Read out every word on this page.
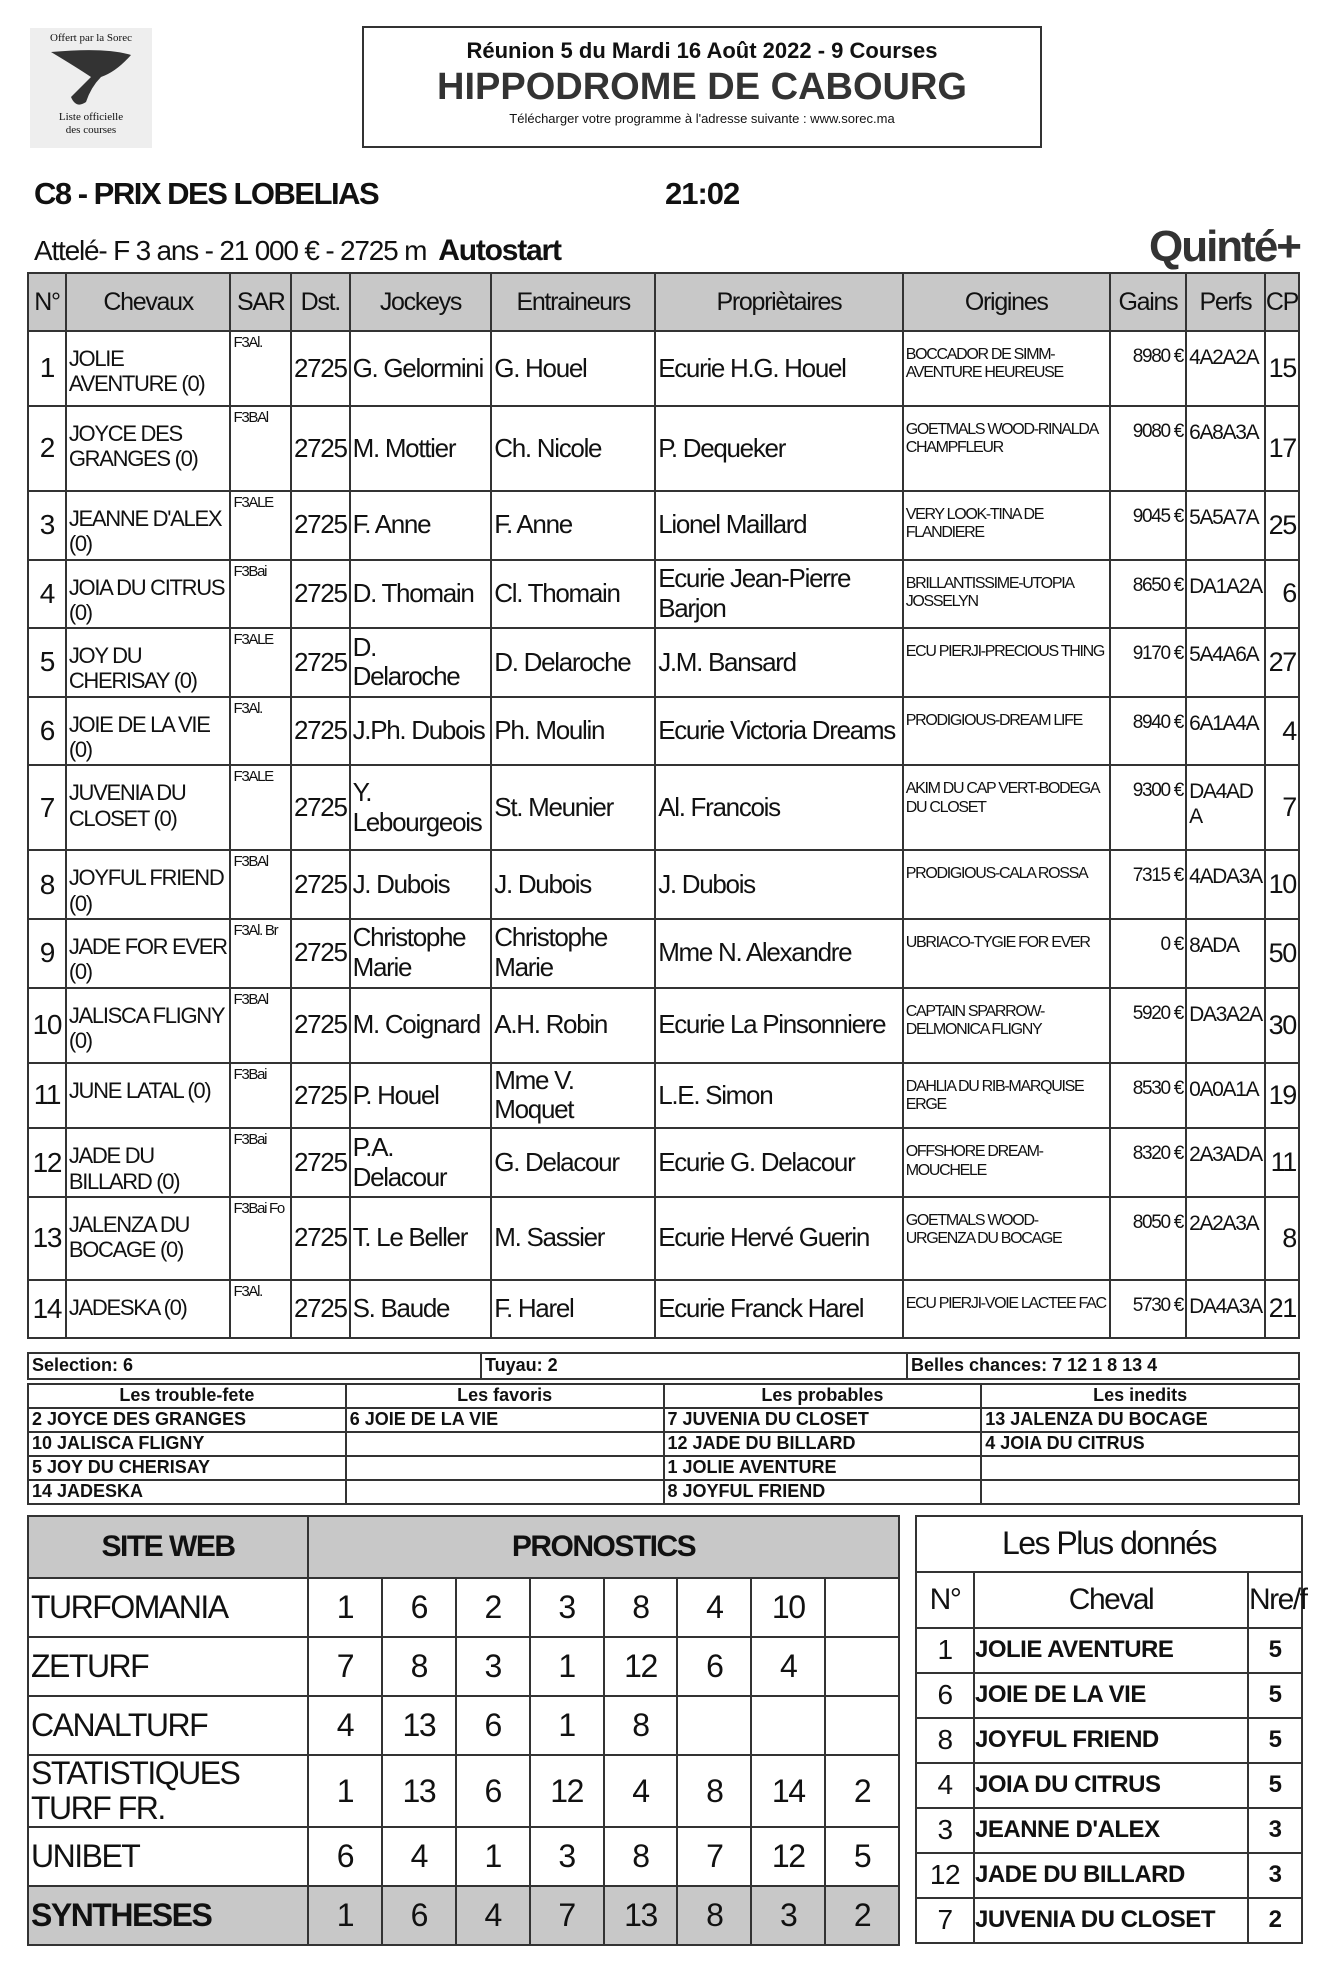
Offert par la Sorec
Liste officielle
des courses
Réunion 5 du Mardi 16 Août 2022 - 9 Courses
HIPPODROME DE CABOURG
Télécharger votre programme à l'adresse suivante : www.sorec.ma
C8 - PRIX DES LOBELIAS	21:02
Attelé- F 3 ans - 21 000 € - 2725 m Autostart	Quinté+
N°	Chevaux	SAR	Dst.	Jockeys	Entraineurs	Propriètaires	Origines	Gains	Perfs	CP
1	JOLIE AVENTURE (0)	F3Al.	2725	G. Gelormini	G. Houel	Ecurie H.G. Houel	BOCCADOR DE SIMM-AVENTURE HEUREUSE	8980 €	4A2A2A	15
2	JOYCE DES GRANGES (0)	F3BAl	2725	M. Mottier	Ch. Nicole	P. Dequeker	GOETMALS WOOD-RINALDA CHAMPFLEUR	9080 €	6A8A3A	17
3	JEANNE D'ALEX (0)	F3ALE	2725	F. Anne	F. Anne	Lionel Maillard	VERY LOOK-TINA DE FLANDIERE	9045 €	5A5A7A	25
4	JOIA DU CITRUS (0)	F3Bai	2725	D. Thomain	Cl. Thomain	Ecurie Jean-Pierre Barjon	BRILLANTISSIME-UTOPIA JOSSELYN	8650 €	DA1A2A	6
5	JOY DU CHERISAY (0)	F3ALE	2725	D. Delaroche	D. Delaroche	J.M. Bansard	ECU PIERJI-PRECIOUS THING	9170 €	5A4A6A	27
6	JOIE DE LA VIE (0)	F3Al.	2725	J.Ph. Dubois	Ph. Moulin	Ecurie Victoria Dreams	PRODIGIOUS-DREAM LIFE	8940 €	6A1A4A	4
7	JUVENIA DU CLOSET (0)	F3ALE	2725	Y. Lebourgeois	St. Meunier	Al. Francois	AKIM DU CAP VERT-BODEGA DU CLOSET	9300 €	DA4AD A	7
8	JOYFUL FRIEND (0)	F3BAl	2725	J. Dubois	J. Dubois	J. Dubois	PRODIGIOUS-CALA ROSSA	7315 €	4ADA3A	10
9	JADE FOR EVER (0)	F3Al. Br	2725	Christophe Marie	Christophe Marie	Mme N. Alexandre	UBRIACO-TYGIE FOR EVER	0 €	8ADA	50
10	JALISCA FLIGNY (0)	F3BAl	2725	M. Coignard	A.H. Robin	Ecurie La Pinsonniere	CAPTAIN SPARROW-DELMONICA FLIGNY	5920 €	DA3A2A	30
11	JUNE LATAL (0)	F3Bai	2725	P. Houel	Mme V. Moquet	L.E. Simon	DAHLIA DU RIB-MARQUISE ERGE	8530 €	0A0A1A	19
12	JADE DU BILLARD (0)	F3Bai	2725	P.A. Delacour	G. Delacour	Ecurie G. Delacour	OFFSHORE DREAM-MOUCHELE	8320 €	2A3ADA	11
13	JALENZA DU BOCAGE (0)	F3Bai Fo	2725	T. Le Beller	M. Sassier	Ecurie Hervé Guerin	GOETMALS WOOD-URGENZA DU BOCAGE	8050 €	2A2A3A	8
14	JADESKA (0)	F3Al.	2725	S. Baude	F. Harel	Ecurie Franck Harel	ECU PIERJI-VOIE LACTEE FAC	5730 €	DA4A3A	21
Selection: 6	Tuyau: 2	Belles chances: 7 12 1 8 13 4
Les trouble-fete	Les favoris	Les probables	Les inedits
2 JOYCE DES GRANGES	6 JOIE DE LA VIE	7 JUVENIA DU CLOSET	13 JALENZA DU BOCAGE
10 JALISCA FLIGNY		12 JADE DU BILLARD	4 JOIA DU CITRUS
5 JOY DU CHERISAY		1 JOLIE AVENTURE	
14 JADESKA		8 JOYFUL FRIEND	
SITE WEB	PRONOSTICS							
TURFOMANIA	1	6	2	3	8	4	10	
ZETURF	7	8	3	1	12	6	4	
CANALTURF	4	13	6	1	8			
STATISTIQUES TURF FR.	1	13	6	12	4	8	14	2
UNIBET	6	4	1	3	8	7	12	5
SYNTHESES	1	6	4	7	13	8	3	2
Les Plus donnés		
N°	Cheval	Nre/f
1	JOLIE AVENTURE	5
6	JOIE DE LA VIE	5
8	JOYFUL FRIEND	5
4	JOIA DU CITRUS	5
3	JEANNE D'ALEX	3
12	JADE DU BILLARD	3
7	JUVENIA DU CLOSET	2
